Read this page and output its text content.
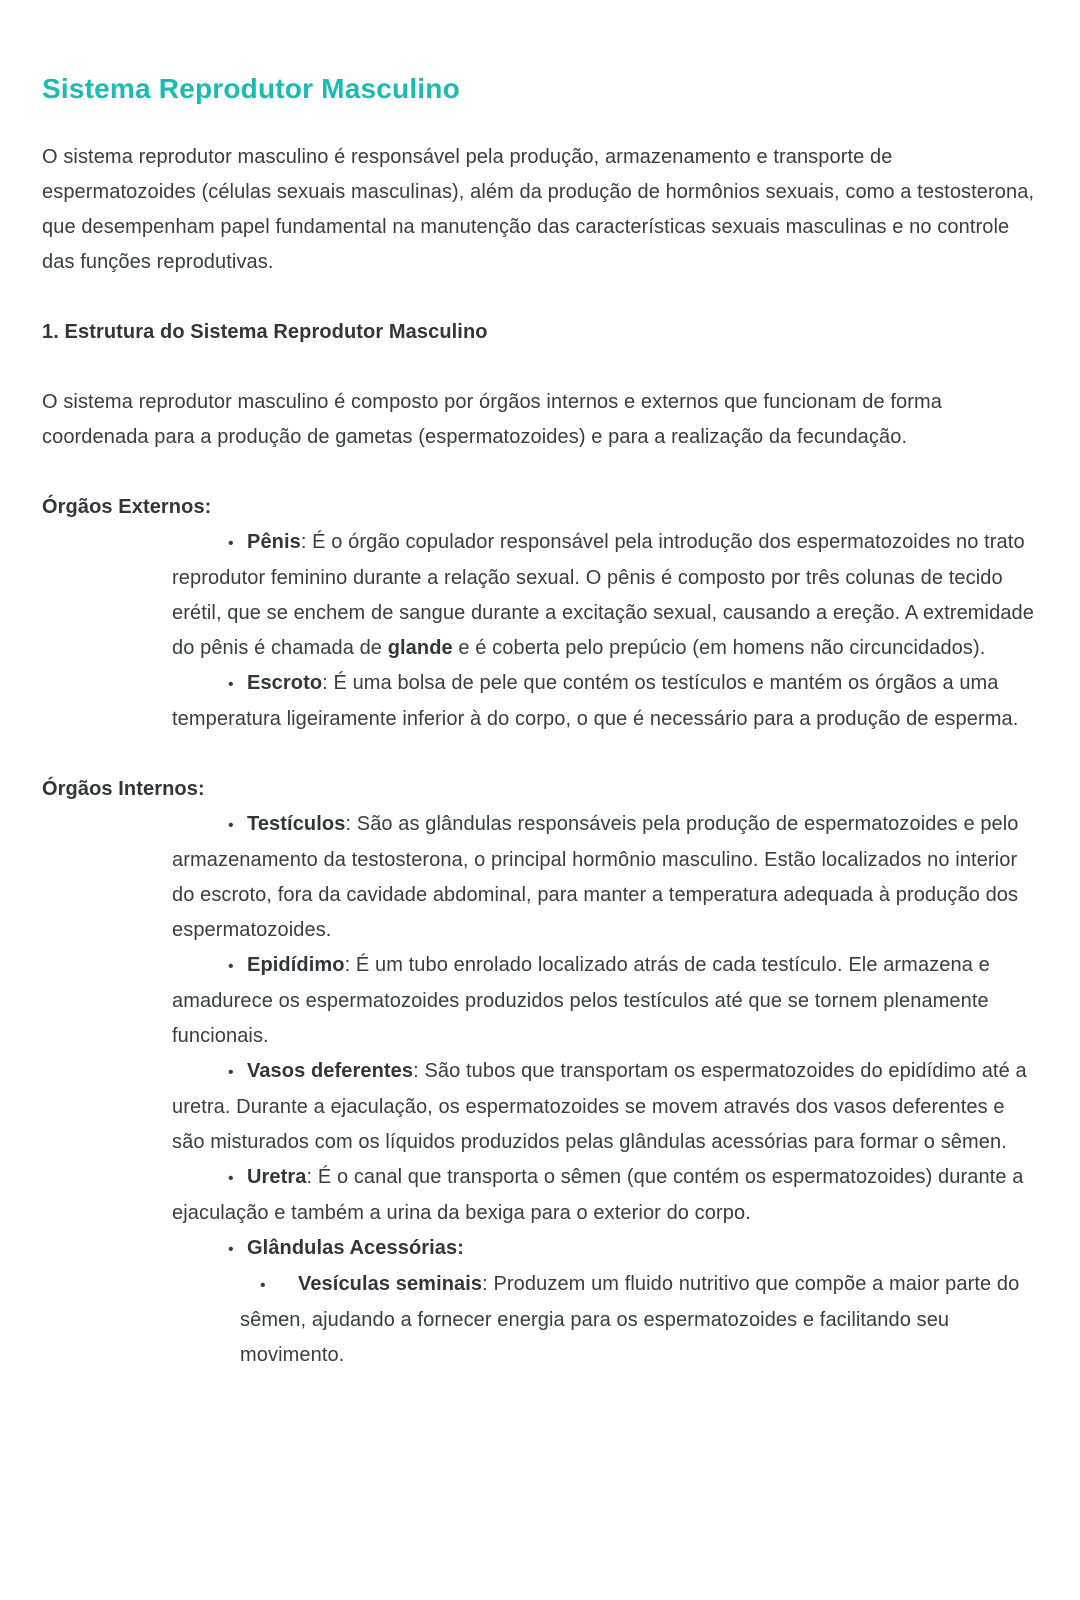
Sistema Reprodutor Masculino
O sistema reprodutor masculino é responsável pela produção, armazenamento e transporte de espermatozoides (células sexuais masculinas), além da produção de hormônios sexuais, como a testosterona, que desempenham papel fundamental na manutenção das características sexuais masculinas e no controle das funções reprodutivas.
1. Estrutura do Sistema Reprodutor Masculino
O sistema reprodutor masculino é composto por órgãos internos e externos que funcionam de forma coordenada para a produção de gametas (espermatozoides) e para a realização da fecundação.
Órgãos Externos:
• Pênis: É o órgão copulador responsável pela introdução dos espermatozoides no trato reprodutor feminino durante a relação sexual. O pênis é composto por três colunas de tecido erétil, que se enchem de sangue durante a excitação sexual, causando a ereção. A extremidade do pênis é chamada de glande e é coberta pelo prepúcio (em homens não circuncidados).
• Escroto: É uma bolsa de pele que contém os testículos e mantém os órgãos a uma temperatura ligeiramente inferior à do corpo, o que é necessário para a produção de esperma.
Órgãos Internos:
• Testículos: São as glândulas responsáveis pela produção de espermatozoides e pelo armazenamento da testosterona, o principal hormônio masculino. Estão localizados no interior do escroto, fora da cavidade abdominal, para manter a temperatura adequada à produção dos espermatozoides.
• Epidídimo: É um tubo enrolado localizado atrás de cada testículo. Ele armazena e amadurece os espermatozoides produzidos pelos testículos até que se tornem plenamente funcionais.
• Vasos deferentes: São tubos que transportam os espermatozoides do epidídimo até a uretra. Durante a ejaculação, os espermatozoides se movem através dos vasos deferentes e são misturados com os líquidos produzidos pelas glândulas acessórias para formar o sêmen.
• Uretra: É o canal que transporta o sêmen (que contém os espermatozoides) durante a ejaculação e também a urina da bexiga para o exterior do corpo.
• Glândulas Acessórias:
• Vesículas seminais: Produzem um fluido nutritivo que compõe a maior parte do sêmen, ajudando a fornecer energia para os espermatozoides e facilitando seu movimento.
